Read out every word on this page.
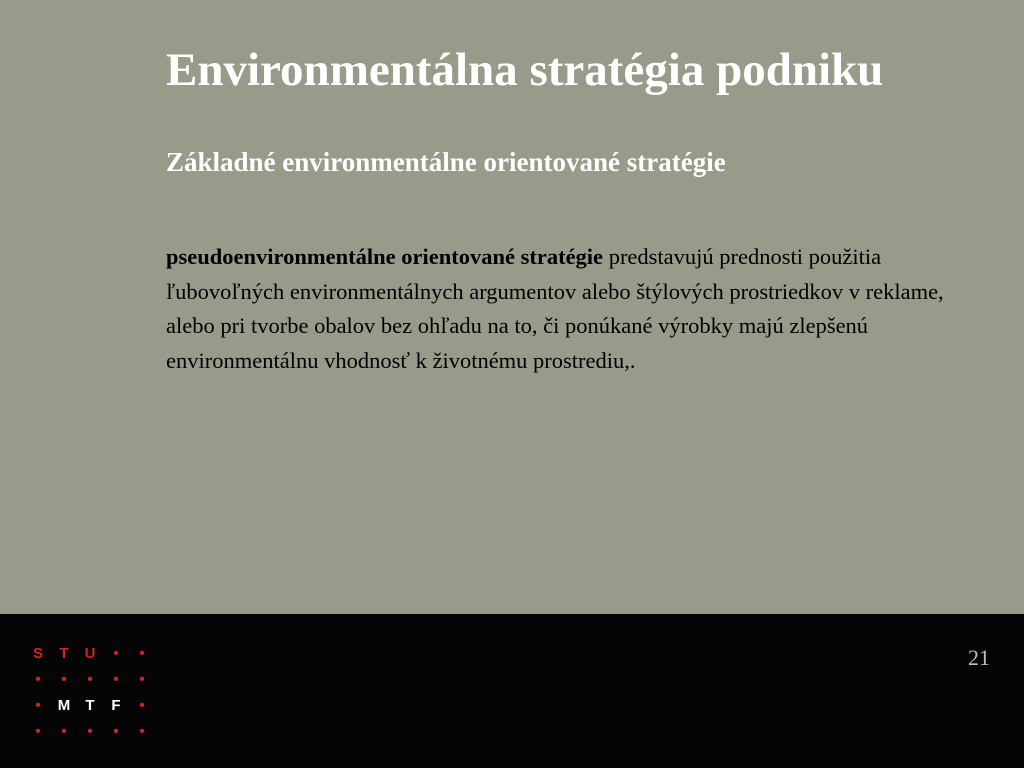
Environmentálna stratégia podniku
Základné environmentálne orientované stratégie

pseudoenvironmentálne orientované stratégie predstavujú prednosti použitia ľubovoľných environmentálnych argumentov alebo štýlových prostriedkov v reklame, alebo pri tvorbe obalov bez ohľadu na to, či ponúkané výrobky majú zlepšenú environmentálnu vhodnosť k životnému prostrediu,.

S T U	•	•
•	•	•	•	•
•	M T F	•
•	•	•	•	•
21
